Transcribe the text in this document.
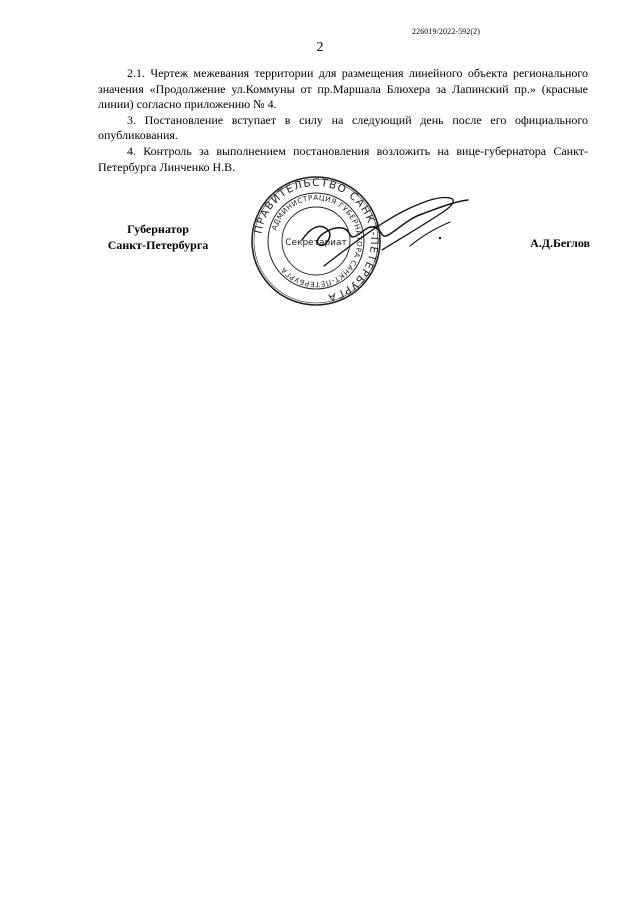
226019/2022-592(2)
2

2.1. Чертеж межевания территории для размещения линейного объекта регионального значения «Продолжение ул.Коммуны от пр.Маршала Блюхера за Лапинский пр.» (красные линии) согласно приложению № 4.

3. Постановление вступает в силу на следующий день после его официального опубликования.

4. Контроль за выполнением постановления возложить на вице-губернатора Санкт-Петербурга Линченко Н.В.

Губернатор
Санкт-Петербурга
ПРАВИТЕЛЬСТВО САНКТ-ПЕТЕРБУРГА
АДМИНИСТРАЦИЯ ГУБЕРНАТОРА САНКТ-ПЕТЕРБУРГА
Секретариат	А.Д.Беглов
